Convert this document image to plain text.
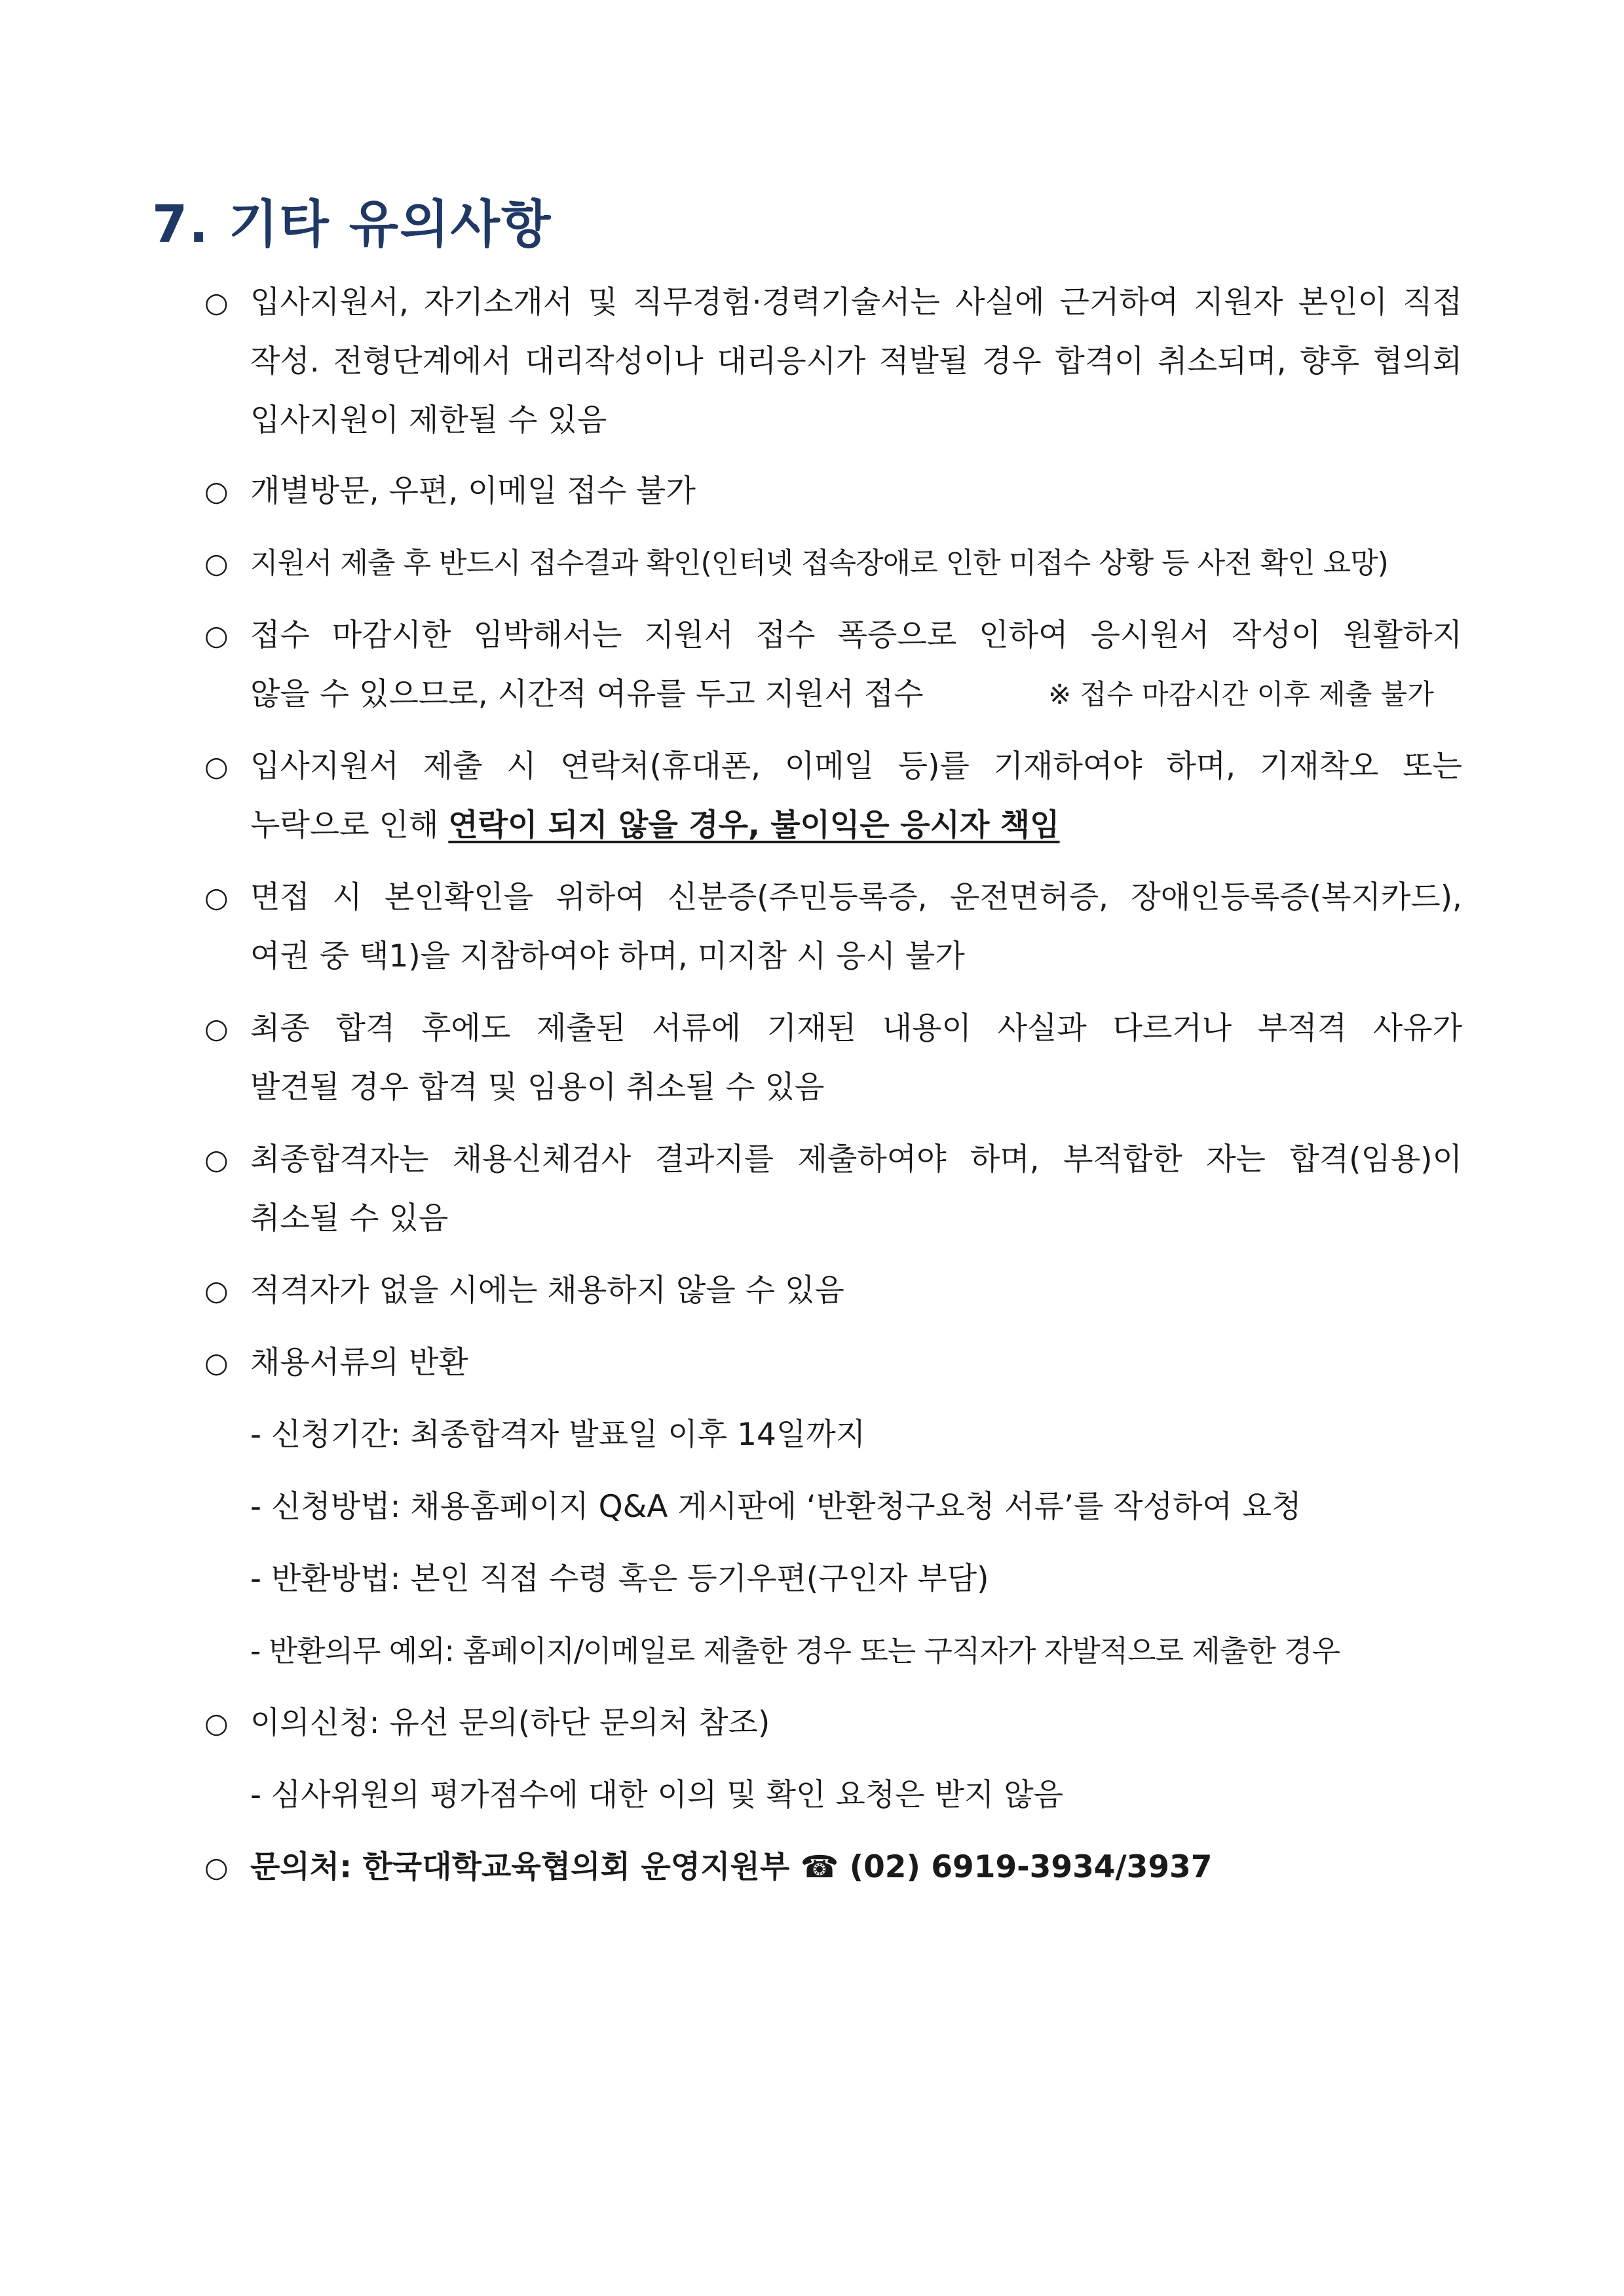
7. 기타 유의사항
○ 입사지원서, 자기소개서 및 직무경험·경력기술서는 사실에 근거하여 지원자 본인이 직접
작성. 전형단계에서 대리작성이나 대리응시가 적발될 경우 합격이 취소되며, 향후 협의회
입사지원이 제한될 수 있음
○ 개별방문, 우편, 이메일 접수 불가
○ 지원서 제출 후 반드시 접수결과 확인(인터넷 접속장애로 인한 미접수 상황 등 사전 확인 요망)
○ 접수 마감시한 임박해서는 지원서 접수 폭증으로 인하여 응시원서 작성이 원활하지
않을 수 있으므로, 시간적 여유를 두고 지원서 접수	※ 접수 마감시간 이후 제출 불가
○ 입사지원서 제출 시 연락처(휴대폰, 이메일 등)를 기재하여야 하며, 기재착오 또는
누락으로 인해 연락이 되지 않을 경우, 불이익은 응시자 책임
○ 면접 시 본인확인을 위하여 신분증(주민등록증, 운전면허증, 장애인등록증(복지카드),
여권 중 택1)을 지참하여야 하며, 미지참 시 응시 불가
○ 최종 합격 후에도 제출된 서류에 기재된 내용이 사실과 다르거나 부적격 사유가
발견될 경우 합격 및 임용이 취소될 수 있음
○ 최종합격자는 채용신체검사 결과지를 제출하여야 하며, 부적합한 자는 합격(임용)이
취소될 수 있음
○ 적격자가 없을 시에는 채용하지 않을 수 있음
○ 채용서류의 반환
- 신청기간: 최종합격자 발표일 이후 14일까지
- 신청방법: 채용홈페이지 Q&A 게시판에 ‘반환청구요청 서류’를 작성하여 요청
- 반환방법: 본인 직접 수령 혹은 등기우편(구인자 부담)
- 반환의무 예외: 홈페이지/이메일로 제출한 경우 또는 구직자가 자발적으로 제출한 경우
○ 이의신청: 유선 문의(하단 문의처 참조)
- 심사위원의 평가점수에 대한 이의 및 확인 요청은 받지 않음
○ 문의처: 한국대학교육협의회 운영지원부 ☎ (02) 6919-3934/3937
